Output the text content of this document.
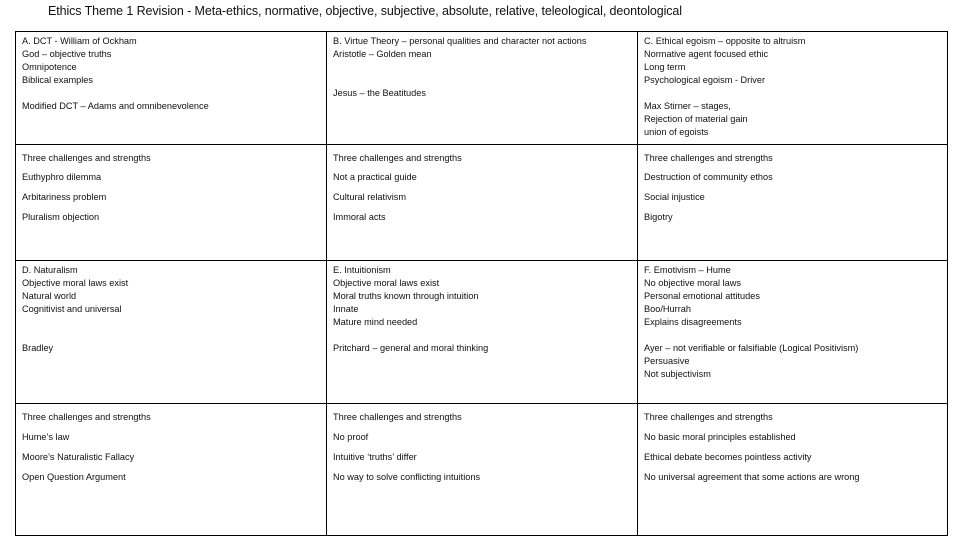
Ethics Theme 1 Revision - Meta-ethics, normative, objective, subjective, absolute, relative, teleological, deontological
A. DCT - William of Ockham
God – objective truths
Omnipotence
Biblical examples
Modified DCT – Adams and omnibenevolence
B. Virtue Theory – personal qualities and character not actions
Aristotle – Golden mean
Jesus – the Beatitudes
C. Ethical egoism – opposite to altruism
Normative agent focused ethic
Long term
Psychological egoism - Driver
Max Stirner – stages,
Rejection of material gain
union of egoists
Three challenges and strengths
Euthyphro dilemma
Arbitariness problem
Pluralism objection
Three challenges and strengths
Not a practical guide
Cultural relativism
Immoral acts
Three challenges and strengths
Destruction of community ethos
Social injustice
Bigotry
D. Naturalism
Objective moral laws exist
Natural world
Cognitivist and universal
Bradley
E. Intuitionism
Objective moral laws exist
Moral truths known through intuition
Innate
Mature mind needed
Pritchard – general and moral thinking
F. Emotivism – Hume
No objective moral laws
Personal emotional attitudes
Boo/Hurrah
Explains disagreements
Ayer – not verifiable or falsifiable (Logical Positivism)
Persuasive
Not subjectivism
Three challenges and strengths
Hume’s law
Moore’s Naturalistic Fallacy
Open Question Argument
Three challenges and strengths
No proof
Intuitive ‘truths’ differ
No way to solve conflicting intuitions
Three challenges and strengths
No basic moral principles established
Ethical debate becomes pointless activity
No universal agreement that some actions are wrong
